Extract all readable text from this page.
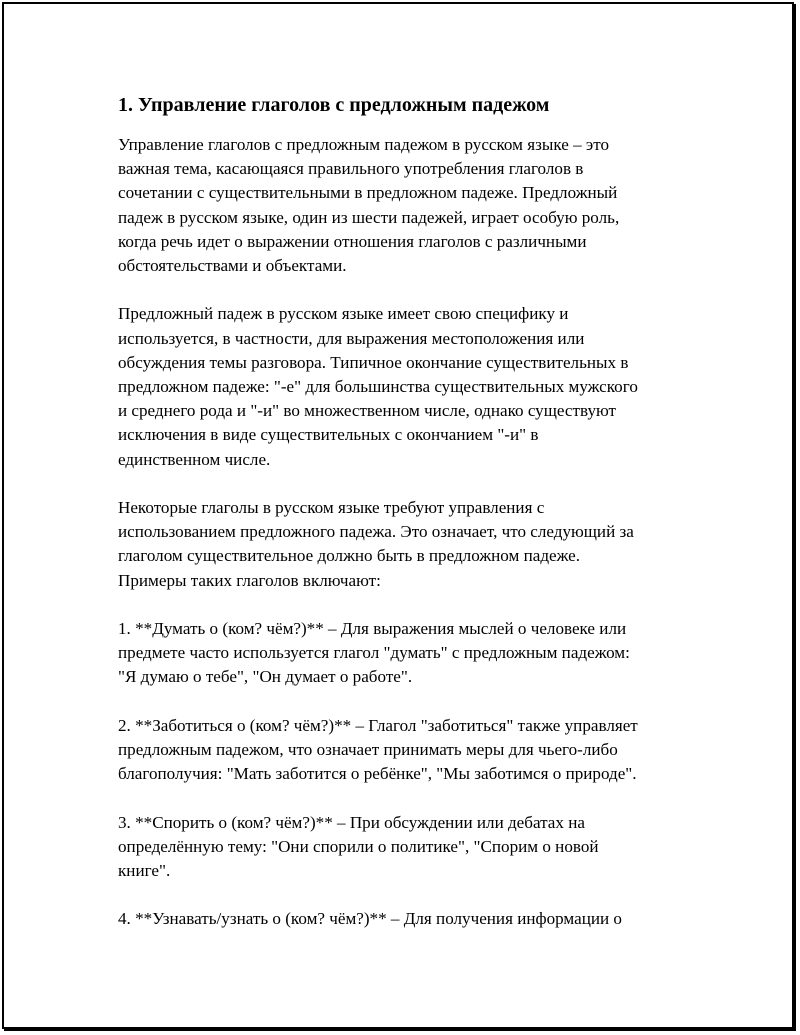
1. Управление глаголов с предложным падежом
Управление глаголов с предложным падежом в русском языке – это
важная тема, касающаяся правильного употребления глаголов в
сочетании с существительными в предложном падеже. Предложный
падеж в русском языке, один из шести падежей, играет особую роль,
когда речь идет о выражении отношения глаголов с различными
обстоятельствами и объектами.
Предложный падеж в русском языке имеет свою специфику и
используется, в частности, для выражения местоположения или
обсуждения темы разговора. Типичное окончание существительных в
предложном падеже: "-е" для большинства существительных мужского
и среднего рода и "-и" во множественном числе, однако существуют
исключения в виде существительных с окончанием "-и" в
единственном числе.
Некоторые глаголы в русском языке требуют управления с
использованием предложного падежа. Это означает, что следующий за
глаголом существительное должно быть в предложном падеже.
Примеры таких глаголов включают:
1. **Думать о (ком? чём?)** – Для выражения мыслей о человеке или
предмете часто используется глагол "думать" с предложным падежом:
"Я думаю о тебе", "Он думает о работе".
2. **Заботиться о (ком? чём?)** – Глагол "заботиться" также управляет
предложным падежом, что означает принимать меры для чьего-либо
благополучия: "Мать заботится о ребёнке", "Мы заботимся о природе".
3. **Спорить о (ком? чём?)** – При обсуждении или дебатах на
определённую тему: "Они спорили о политике", "Спорим о новой
книге".
4. **Узнавать/узнать о (ком? чём?)** – Для получения информации о
